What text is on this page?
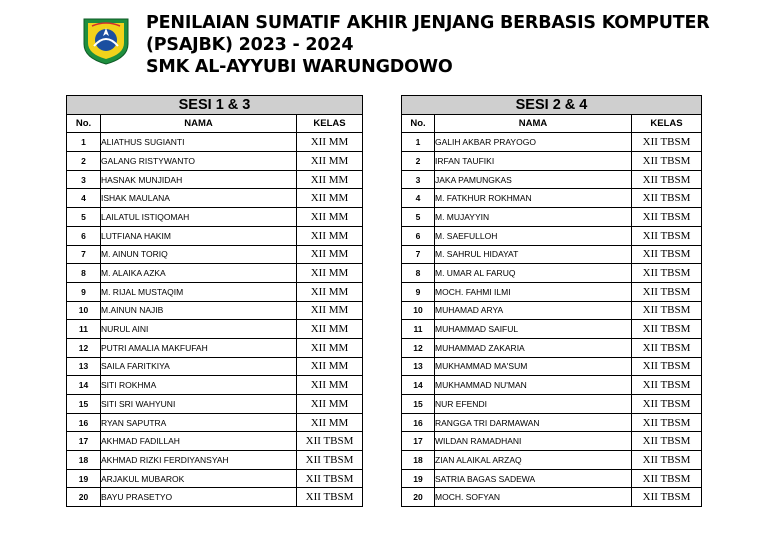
PENILAIAN SUMATIF AKHIR JENJANG BERBASIS KOMPUTER
(PSAJBK) 2023 - 2024
SMK AL-AYYUBI WARUNGDOWO
SESI 1 & 3		
No.	NAMA	KELAS
1	ALIATHUS SUGIANTI	XII MM
2	GALANG RISTYWANTO	XII MM
3	HASNAK MUNJIDAH	XII MM
4	ISHAK MAULANA	XII MM
5	LAILATUL ISTIQOMAH	XII MM
6	LUTFIANA HAKIM	XII MM
7	M. AINUN TORIQ	XII MM
8	M. ALAIKA AZKA	XII MM
9	M. RIJAL MUSTAQIM	XII MM
10	M.AINUN NAJIB	XII MM
11	NURUL AINI	XII MM
12	PUTRI AMALIA MAKFUFAH	XII MM
13	SAILA FARITKIYA	XII MM
14	SITI ROKHMA	XII MM
15	SITI SRI WAHYUNI	XII MM
16	RYAN SAPUTRA	XII MM
17	AKHMAD FADILLAH	XII TBSM
18	AKHMAD RIZKI FERDIYANSYAH	XII TBSM
19	ARJAKUL MUBAROK	XII TBSM
20	BAYU PRASETYO	XII TBSM
SESI 2 & 4		
No.	NAMA	KELAS
1	GALIH AKBAR PRAYOGO	XII TBSM
2	IRFAN TAUFIKI	XII TBSM
3	JAKA PAMUNGKAS	XII TBSM
4	M. FATKHUR ROKHMAN	XII TBSM
5	M. MUJAYYIN	XII TBSM
6	M. SAEFULLOH	XII TBSM
7	M. SAHRUL HIDAYAT	XII TBSM
8	M. UMAR AL FARUQ	XII TBSM
9	MOCH. FAHMI ILMI	XII TBSM
10	MUHAMAD ARYA	XII TBSM
11	MUHAMMAD SAIFUL	XII TBSM
12	MUHAMMAD ZAKARIA	XII TBSM
13	MUKHAMMAD MA'SUM	XII TBSM
14	MUKHAMMAD NU'MAN	XII TBSM
15	NUR EFENDI	XII TBSM
16	RANGGA TRI DARMAWAN	XII TBSM
17	WILDAN RAMADHANI	XII TBSM
18	ZIAN ALAIKAL ARZAQ	XII TBSM
19	SATRIA BAGAS SADEWA	XII TBSM
20	MOCH. SOFYAN	XII TBSM
